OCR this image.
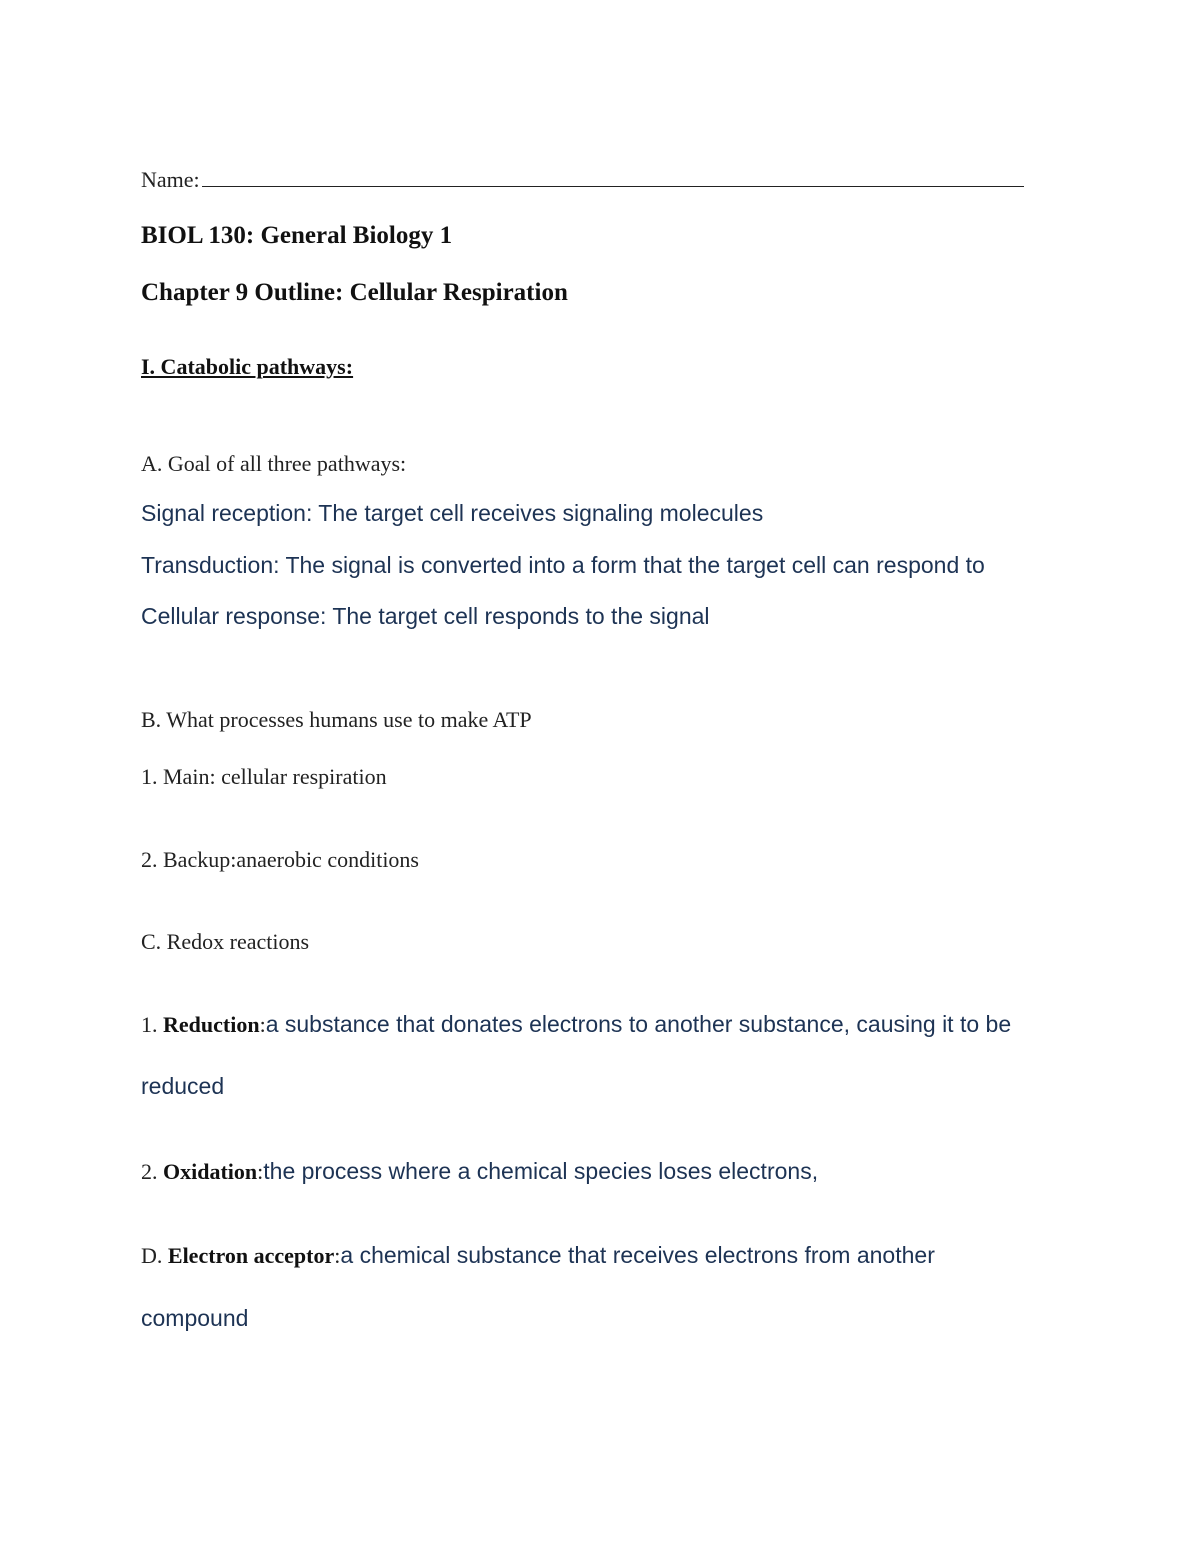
Name:
BIOL 130: General Biology 1
Chapter 9 Outline: Cellular Respiration
I. Catabolic pathways:
A. Goal of all three pathways:
Signal reception: The target cell receives signaling molecules
Transduction: The signal is converted into a form that the target cell can respond to
Cellular response: The target cell responds to the signal
B. What processes humans use to make ATP
1. Main: cellular respiration
2. Backup:anaerobic conditions
C. Redox reactions
1. Reduction:a substance that donates electrons to another substance, causing it to be
reduced
2. Oxidation:the process where a chemical species loses electrons,
D. Electron acceptor:a chemical substance that receives electrons from another
compound
